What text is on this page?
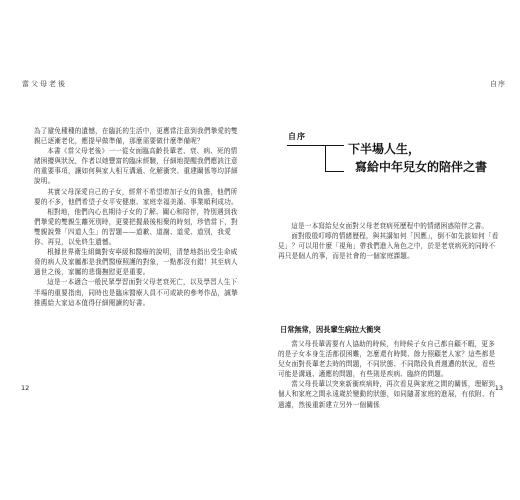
當父母老後

為了避免種種的遺憾，在臨託的生活中，更應當注意到我們摯愛的雙親已逐漸老化，應提早做準備，那麼需要做什麼準備呢？

本書《當父母老後》一一從女面臨高齡長輩老、衰、病、死的情緒困擾與狀況，作者以她豐富的臨床經驗，仔細地提醒我們應該注意的重要事項，讓如何與家人相互溝通、化解衝突、重建關係等均詳細說明。

其實父母深愛自己的子女，經常不希望增加子女的負擔，他們所要的不多，他們希望子女平安健康、家庭幸福美滿、事業順利成功。

相對地，他們內心也期待子女的了解、關心和陪伴，特別遇到我們摯愛的雙親生離死別時，更要把握最後相聚的時刻，珍惜當下，對雙親說聲「四道人生」的習題——道歉、道謝、道愛、道別，我愛你、再見，以免終生遺憾。

根據世界衛生組織對安寧緩和醫療的說明，清楚地指出受生命威脅的病人及家屬都是我們醫療照護的對象，一點都沒有錯！其至病人過世之後，家屬的悲傷撫慰更是重要。

這是一本適合一般民眾學習面對父母老衰死亡，以及學習人生下半場的重要指南，同時也是臨床醫療人員不可或缺的參考作品，誠摯推薦給大家這本值得仔細閱讀的好書。

12
自序
自序
下半場人生，
寫給中年兒女的陪伴之書

這是一本寫給兒女面對父母老衰病死歷程中的情緒困惑陪伴之書。

面對殷殷叮嚀的情緒歷程，與其講如何「因應」，倒不如先談如何「看見」？可以用什麼「視角」帶我們進入角色之中，於是老衰病死的同時不再只是個人的事，而是社會的一個家庭課題。

日常無常，因長輩生病拉大衝突

當父母長輩需要有人協助的時候，有時候子女自己都自顧不暇，更多的是子女本身生活都很困難，怎麼還有時間、餘力照顧老人家？這些都是兒女面對長輩老去時的問題，不同狀態、不同階段負責週遭的狀況，看些可能是溝通、適應的問題，有些則是疾病、臨終的問題。

當父母長輩以突來新衝疾病時，再次看見與家庭之間的關係，理解到個人和家庭之間永遠歲於變動的狀態，如同隨著家庭的進展，有依附、有過濾，然後重新建立另外一個關係

13
